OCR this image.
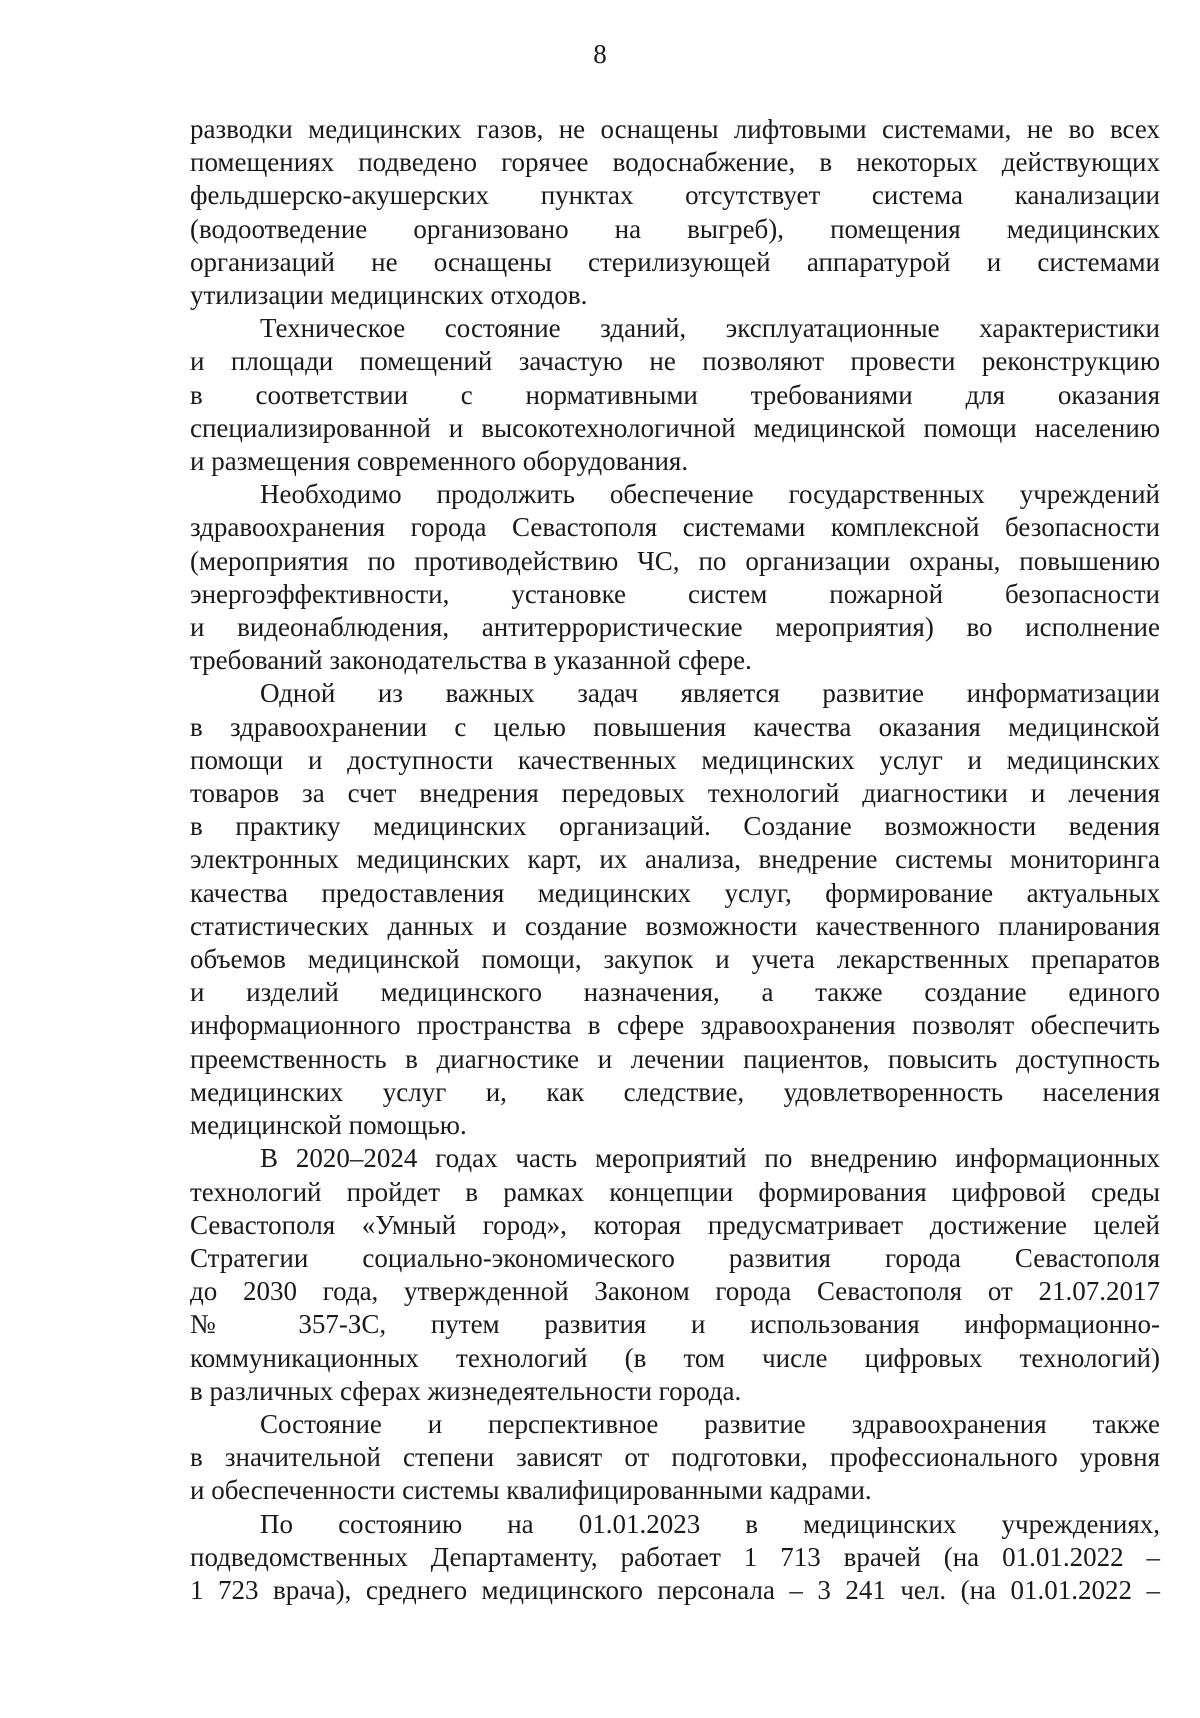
8
разводки медицинских газов, не оснащены лифтовыми системами, не во всех
помещениях подведено горячее водоснабжение, в некоторых действующих
фельдшерско-акушерских пунктах отсутствует система канализации
(водоотведение организовано на выгреб), помещения медицинских
организаций не оснащены стерилизующей аппаратурой и системами
утилизации медицинских отходов.
Техническое состояние зданий, эксплуатационные характеристики
и площади помещений зачастую не позволяют провести реконструкцию
в соответствии с нормативными требованиями для оказания
специализированной и высокотехнологичной медицинской помощи населению
и размещения современного оборудования.
Необходимо продолжить обеспечение государственных учреждений
здравоохранения города Севастополя системами комплексной безопасности
(мероприятия по противодействию ЧС, по организации охраны, повышению
энергоэффективности, установке систем пожарной безопасности
и видеонаблюдения, антитеррористические мероприятия) во исполнение
требований законодательства в указанной сфере.
Одной из важных задач является развитие информатизации
в здравоохранении с целью повышения качества оказания медицинской
помощи и доступности качественных медицинских услуг и медицинских
товаров за счет внедрения передовых технологий диагностики и лечения
в практику медицинских организаций. Создание возможности ведения
электронных медицинских карт, их анализа, внедрение системы мониторинга
качества предоставления медицинских услуг, формирование актуальных
статистических данных и создание возможности качественного планирования
объемов медицинской помощи, закупок и учета лекарственных препаратов
и изделий медицинского назначения, а также создание единого
информационного пространства в сфере здравоохранения позволят обеспечить
преемственность в диагностике и лечении пациентов, повысить доступность
медицинских услуг и, как следствие, удовлетворенность населения
медицинской помощью.
В 2020–2024 годах часть мероприятий по внедрению информационных
технологий пройдет в рамках концепции формирования цифровой среды
Севастополя «Умный город», которая предусматривает достижение целей
Стратегии социально-экономического развития города Севастополя
до 2030 года, утвержденной Законом города Севастополя от 21.07.2017
№ 357-ЗС, путем развития и использования информационно-
коммуникационных технологий (в том числе цифровых технологий)
в различных сферах жизнедеятельности города.
Состояние и перспективное развитие здравоохранения также
в значительной степени зависят от подготовки, профессионального уровня
и обеспеченности системы квалифицированными кадрами.
По состоянию на 01.01.2023 в медицинских учреждениях,
подведомственных Департаменту, работает 1 713 врачей (на 01.01.2022 –
1 723 врача), среднего медицинского персонала – 3 241 чел. (на 01.01.2022 –
